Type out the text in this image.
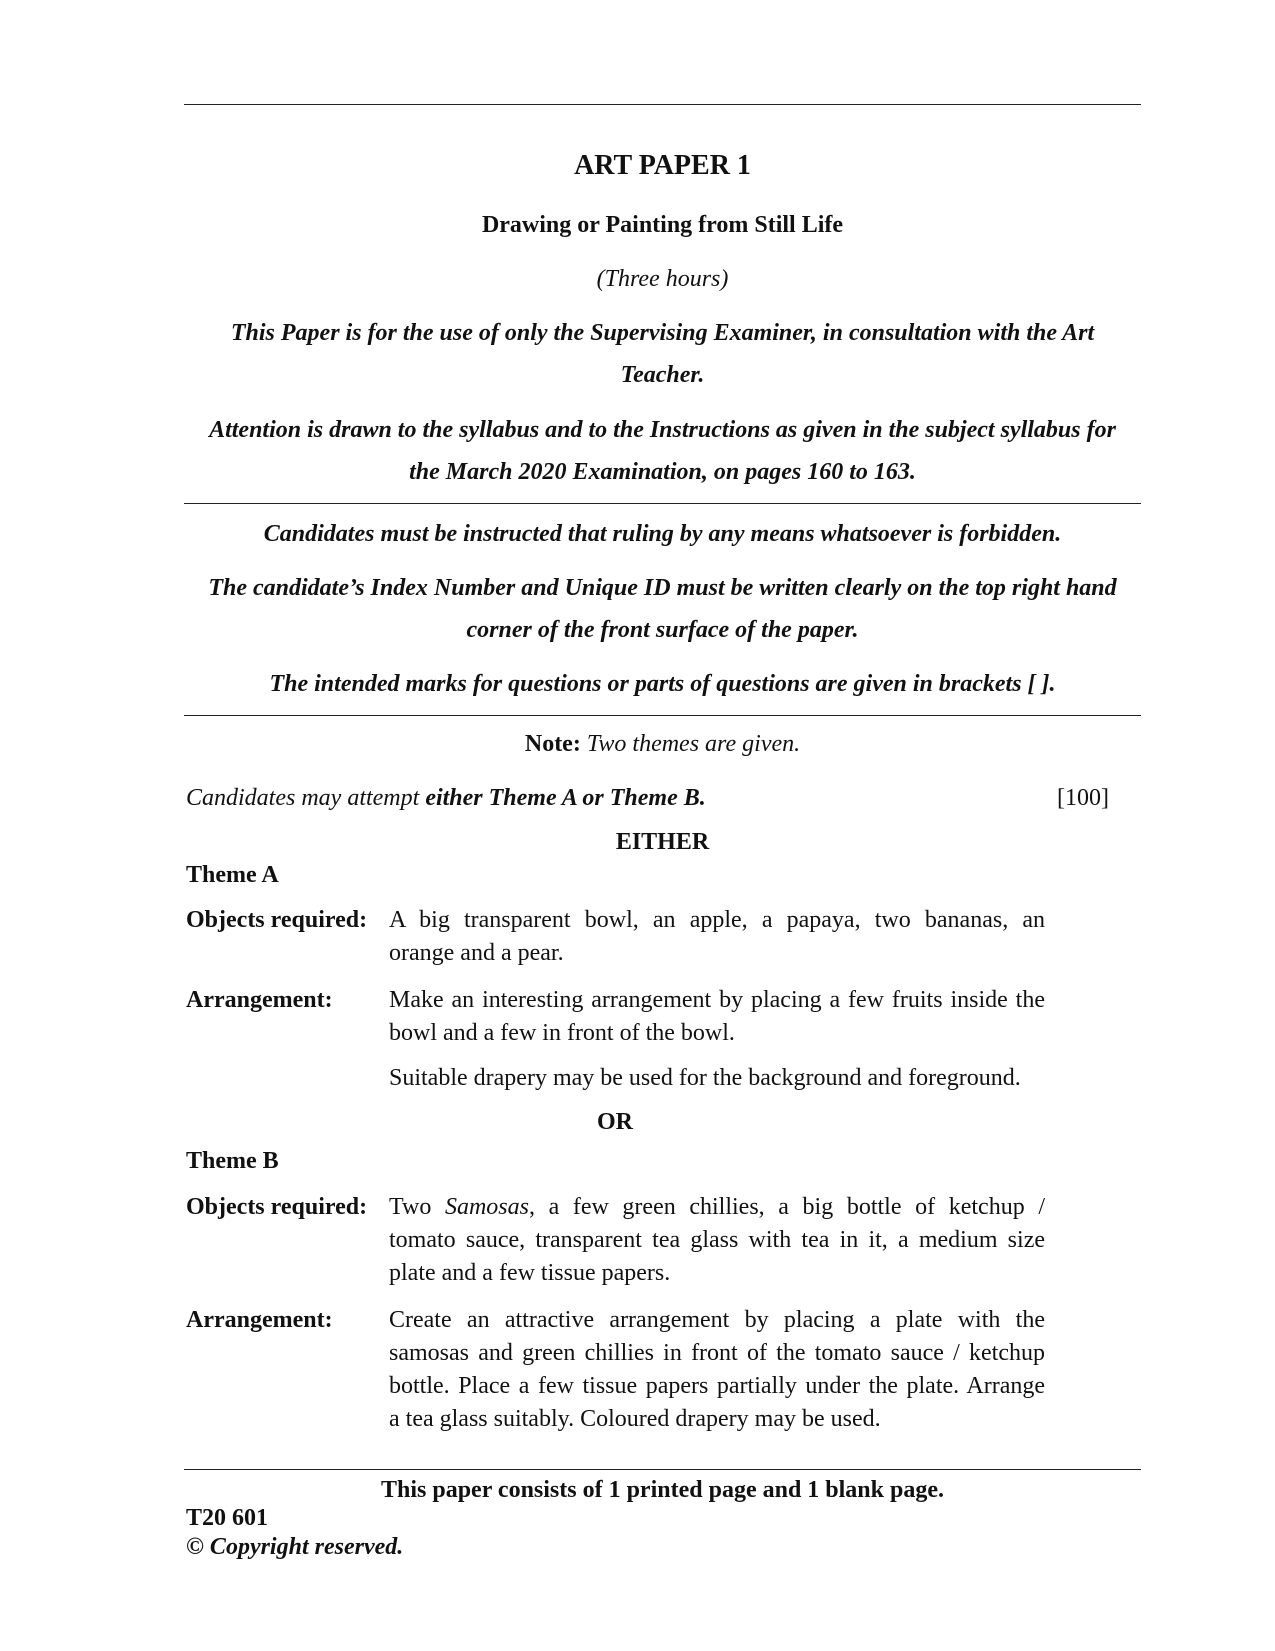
ART PAPER 1
Drawing or Painting from Still Life
(Three hours)
This Paper is for the use of only the Supervising Examiner, in consultation with the Art
Teacher.
Attention is drawn to the syllabus and to the Instructions as given in the subject syllabus for
the March 2020 Examination, on pages 160 to 163.
Candidates must be instructed that ruling by any means whatsoever is forbidden.
The candidate’s Index Number and Unique ID must be written clearly on the top right hand
corner of the front surface of the paper.
The intended marks for questions or parts of questions are given in brackets [ ].
Note: Two themes are given.
Candidates may attempt either Theme A or Theme B.	[100]
EITHER
Theme A
Objects required: A big transparent bowl, an apple, a papaya, two bananas, an
orange and a pear.
Arrangement: Make an interesting arrangement by placing a few fruits inside the
bowl and a few in front of the bowl.
Suitable drapery may be used for the background and foreground.
OR
Theme B
Objects required: Two Samosas, a few green chillies, a big bottle of ketchup /
tomato sauce, transparent tea glass with tea in it, a medium size
plate and a few tissue papers.
Arrangement: Create an attractive arrangement by placing a plate with the
samosas and green chillies in front of the tomato sauce / ketchup
bottle. Place a few tissue papers partially under the plate. Arrange
a tea glass suitably. Coloured drapery may be used.
This paper consists of 1 printed page and 1 blank page.
T20 601
© Copyright reserved.
